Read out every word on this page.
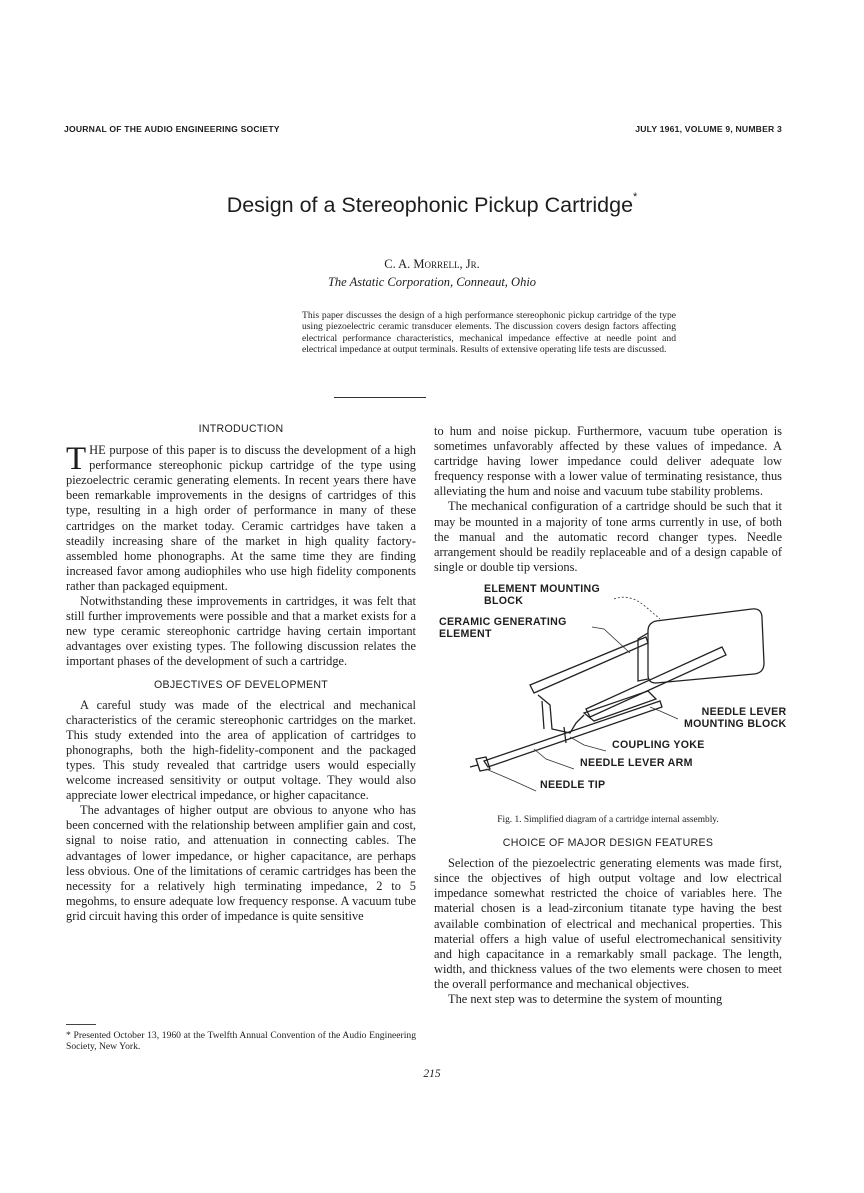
JOURNAL OF THE AUDIO ENGINEERING SOCIETY	JULY 1961, VOLUME 9, NUMBER 3
Design of a Stereophonic Pickup Cartridge*
C. A. Morrell, Jr.
The Astatic Corporation, Conneaut, Ohio

This paper discusses the design of a high performance stereophonic pickup cartridge of the type using piezoelectric ceramic transducer elements. The discussion covers design factors affecting electrical performance characteristics, mechanical impedance effective at needle point and electrical impedance at output terminals. Results of extensive operating life tests are discussed.

INTRODUCTION

THE purpose of this paper is to discuss the development of a high performance stereophonic pickup cartridge of the type using piezoelectric ceramic generating elements. In recent years there have been remarkable improvements in the designs of cartridges of this type, resulting in a high order of performance in many of these cartridges on the market today. Ceramic cartridges have taken a steadily increasing share of the market in high quality factory-assembled home phonographs. At the same time they are finding increased favor among audiophiles who use high fidelity components rather than packaged equipment.

Notwithstanding these improvements in cartridges, it was felt that still further improvements were possible and that a market exists for a new type ceramic stereophonic cartridge having certain important advantages over existing types. The following discussion relates the important phases of the development of such a cartridge.

OBJECTIVES OF DEVELOPMENT

A careful study was made of the electrical and mechanical characteristics of the ceramic stereophonic cartridges on the market. This study extended into the area of application of cartridges to phonographs, both the high-fidelity-component and the packaged types. This study revealed that cartridge users would especially welcome increased sensitivity or output voltage. They would also appreciate lower electrical impedance, or higher capacitance.

The advantages of higher output are obvious to anyone who has been concerned with the relationship between amplifier gain and cost, signal to noise ratio, and attenuation in connecting cables. The advantages of lower impedance, or higher capacitance, are perhaps less obvious. One of the limitations of ceramic cartridges has been the necessity for a relatively high terminating impedance, 2 to 5 megohms, to ensure adequate low frequency response. A vacuum tube grid circuit having this order of impedance is quite sensitive

to hum and noise pickup. Furthermore, vacuum tube operation is sometimes unfavorably affected by these values of impedance. A cartridge having lower impedance could deliver adequate low frequency response with a lower value of terminating resistance, thus alleviating the hum and noise and vacuum tube stability problems.

The mechanical configuration of a cartridge should be such that it may be mounted in a majority of tone arms currently in use, of both the manual and the automatic record changer types. Needle arrangement should be readily replaceable and of a design capable of single or double tip versions.

ELEMENT MOUNTING
BLOCK
CERAMIC GENERATING
ELEMENT
NEEDLE LEVER
MOUNTING BLOCK
COUPLING YOKE
NEEDLE LEVER ARM
NEEDLE TIP
Fig. 1. Simplified diagram of a cartridge internal assembly.
CHOICE OF MAJOR DESIGN FEATURES

Selection of the piezoelectric generating elements was made first, since the objectives of high output voltage and low electrical impedance somewhat restricted the choice of variables here. The material chosen is a lead-zirconium titanate type having the best available combination of electrical and mechanical properties. This material offers a high value of useful electromechanical sensitivity and high capacitance in a remarkably small package. The length, width, and thickness values of the two elements were chosen to meet the overall performance and mechanical objectives.

The next step was to determine the system of mounting

* Presented October 13, 1960 at the Twelfth Annual Convention of the Audio Engineering Society, New York.

215
